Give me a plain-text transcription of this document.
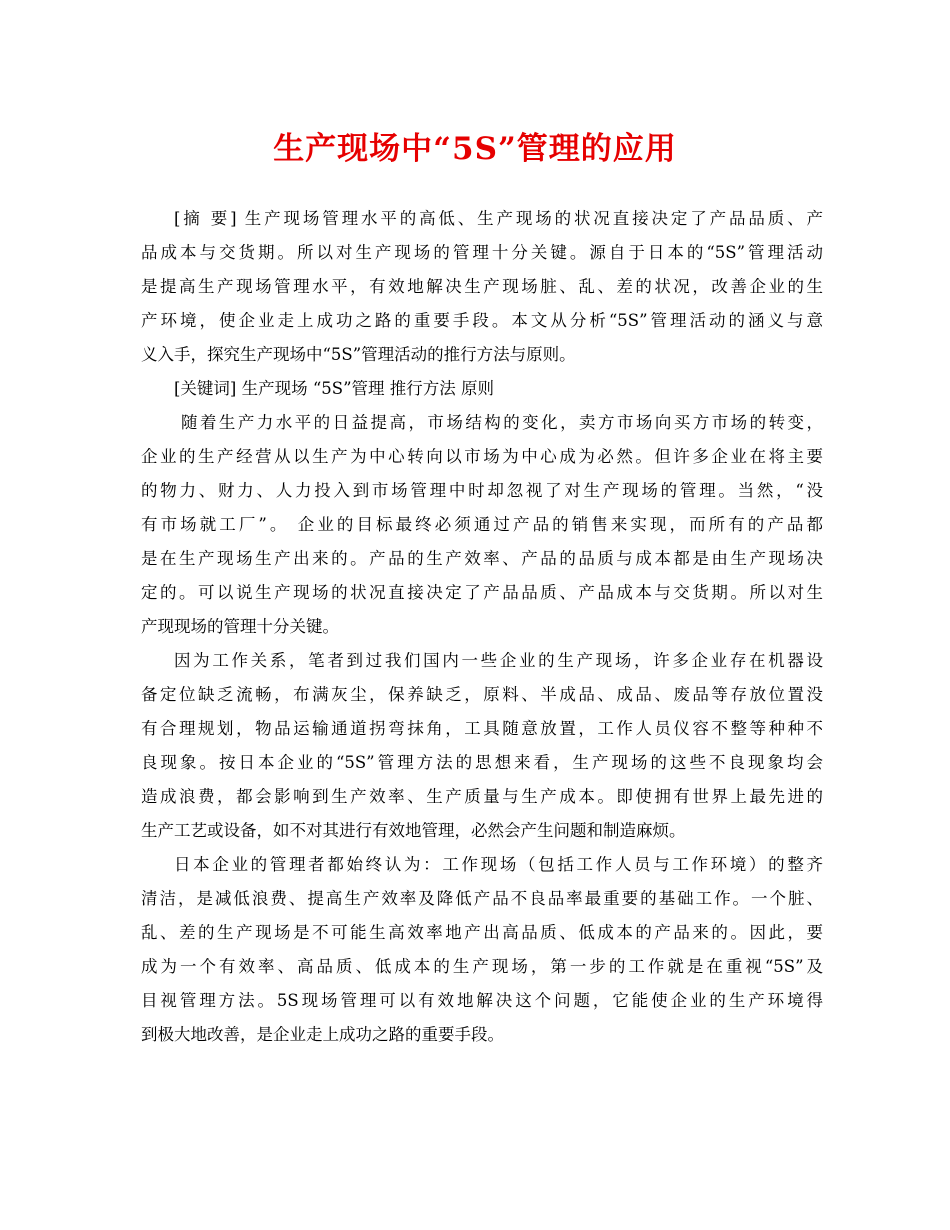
生产现场中“5S”管理的应用
[摘 要] 生产现场管理水平的高低、生产现场的状况直接决定了产品品质、产
品成本与交货期。所以对生产现场的管理十分关键。源自于日本的“5S”管理活动
是提高生产现场管理水平，有效地解决生产现场脏、乱、差的状况，改善企业的生
产环境，使企业走上成功之路的重要手段。本文从分析“5S”管理活动的涵义与意
义入手，探究生产现场中“5S”管理活动的推行方法与原则。
[关键词] 生产现场 “5S”管理 推行方法 原则
随着生产力水平的日益提高，市场结构的变化，卖方市场向买方市场的转变，
企业的生产经营从以生产为中心转向以市场为中心成为必然。但许多企业在将主要
的物力、财力、人力投入到市场管理中时却忽视了对生产现场的管理。当然，“没
有市场就工厂”。 企业的目标最终必须通过产品的销售来实现，而所有的产品都
是在生产现场生产出来的。产品的生产效率、产品的品质与成本都是由生产现场决
定的。可以说生产现场的状况直接决定了产品品质、产品成本与交货期。所以对生
产现现场的管理十分关键。
因为工作关系，笔者到过我们国内一些企业的生产现场，许多企业存在机器设
备定位缺乏流畅，布满灰尘，保养缺乏，原料、半成品、成品、废品等存放位置没
有合理规划，物品运输通道拐弯抹角，工具随意放置，工作人员仪容不整等种种不
良现象。按日本企业的“5S”管理方法的思想来看，生产现场的这些不良现象均会
造成浪费，都会影响到生产效率、生产质量与生产成本。即使拥有世界上最先进的
生产工艺或设备，如不对其进行有效地管理，必然会产生问题和制造麻烦。
日本企业的管理者都始终认为：工作现场（包括工作人员与工作环境）的整齐
清洁，是减低浪费、提高生产效率及降低产品不良品率最重要的基础工作。一个脏、
乱、差的生产现场是不可能生高效率地产出高品质、低成本的产品来的。因此，要
成为一个有效率、高品质、低成本的生产现场，第一步的工作就是在重视“5S”及
目视管理方法。5S现场管理可以有效地解决这个问题，它能使企业的生产环境得
到极大地改善，是企业走上成功之路的重要手段。
